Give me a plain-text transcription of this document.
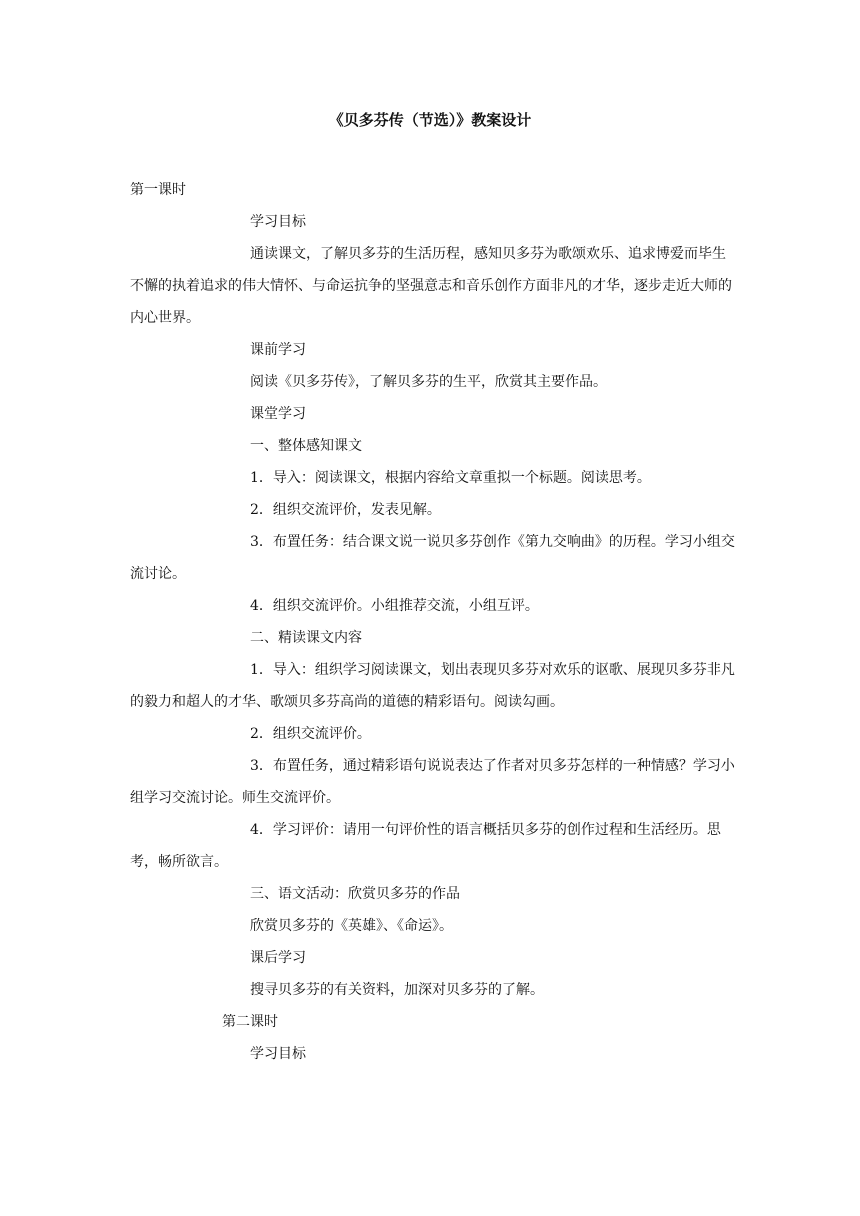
《贝多芬传（节选）》教案设计

第一课时

学习目标

通读课文，了解贝多芬的生活历程，感知贝多芬为歌颂欢乐、追求博爱而毕生不懈的执着追求的伟大情怀、与命运抗争的坚强意志和音乐创作方面非凡的才华，逐步走近大师的内心世界。

课前学习

阅读《贝多芬传》，了解贝多芬的生平，欣赏其主要作品。

课堂学习

一、整体感知课文

1．导入：阅读课文，根据内容给文章重拟一个标题。阅读思考。

2．组织交流评价，发表见解。

3．布置任务：结合课文说一说贝多芬创作《第九交响曲》的历程。学习小组交流讨论。

4．组织交流评价。小组推荐交流，小组互评。

二、精读课文内容

1．导入：组织学习阅读课文，划出表现贝多芬对欢乐的讴歌、展现贝多芬非凡的毅力和超人的才华、歌颂贝多芬高尚的道德的精彩语句。阅读勾画。

2．组织交流评价。

3．布置任务，通过精彩语句说说表达了作者对贝多芬怎样的一种情感？学习小组学习交流讨论。师生交流评价。

4．学习评价：请用一句评价性的语言概括贝多芬的创作过程和生活经历。思考，畅所欲言。

三、语文活动：欣赏贝多芬的作品

欣赏贝多芬的《英雄》、《命运》。

课后学习

搜寻贝多芬的有关资料，加深对贝多芬的了解。

第二课时

学习目标
